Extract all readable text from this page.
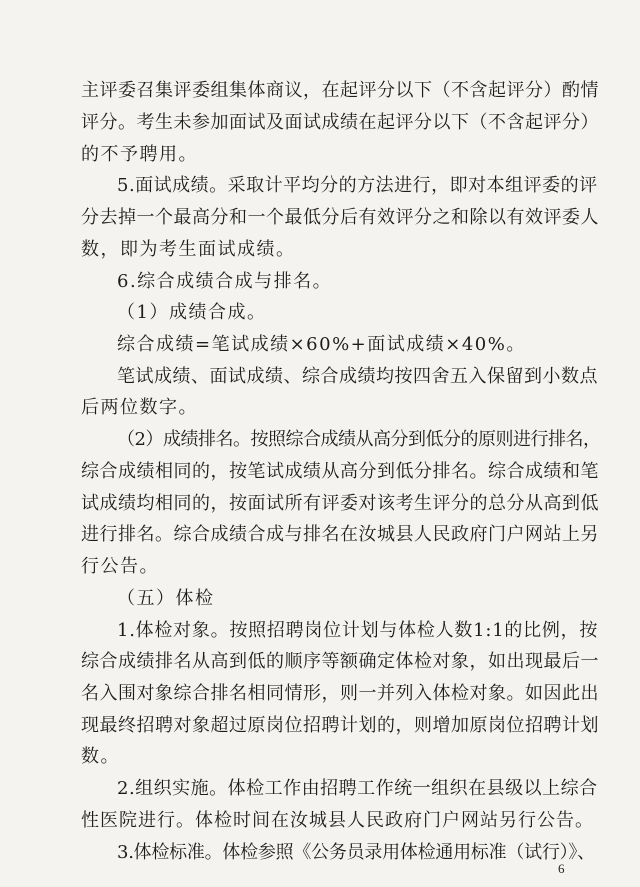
主评委召集评委组集体商议，在起评分以下（不含起评分）酌情
评分。考生未参加面试及面试成绩在起评分以下（不含起评分）
的不予聘用。
5.面试成绩。采取计平均分的方法进行，即对本组评委的评
分去掉一个最高分和一个最低分后有效评分之和除以有效评委人
数，即为考生面试成绩。
6.综合成绩合成与排名。
（1）成绩合成。
综合成绩=笔试成绩×60%+面试成绩×40%。
笔试成绩、面试成绩、综合成绩均按四舍五入保留到小数点
后两位数字。
（2）成绩排名。按照综合成绩从高分到低分的原则进行排名，
综合成绩相同的，按笔试成绩从高分到低分排名。综合成绩和笔
试成绩均相同的，按面试所有评委对该考生评分的总分从高到低
进行排名。综合成绩合成与排名在汝城县人民政府门户网站上另
行公告。
（五）体检
1.体检对象。按照招聘岗位计划与体检人数1:1的比例，按
综合成绩排名从高到低的顺序等额确定体检对象，如出现最后一
名入围对象综合排名相同情形，则一并列入体检对象。如因此出
现最终招聘对象超过原岗位招聘计划的，则增加原岗位招聘计划
数。
2.组织实施。体检工作由招聘工作统一组织在县级以上综合
性医院进行。体检时间在汝城县人民政府门户网站另行公告。
3.体检标准。体检参照《公务员录用体检通用标准（试行）》、
6
